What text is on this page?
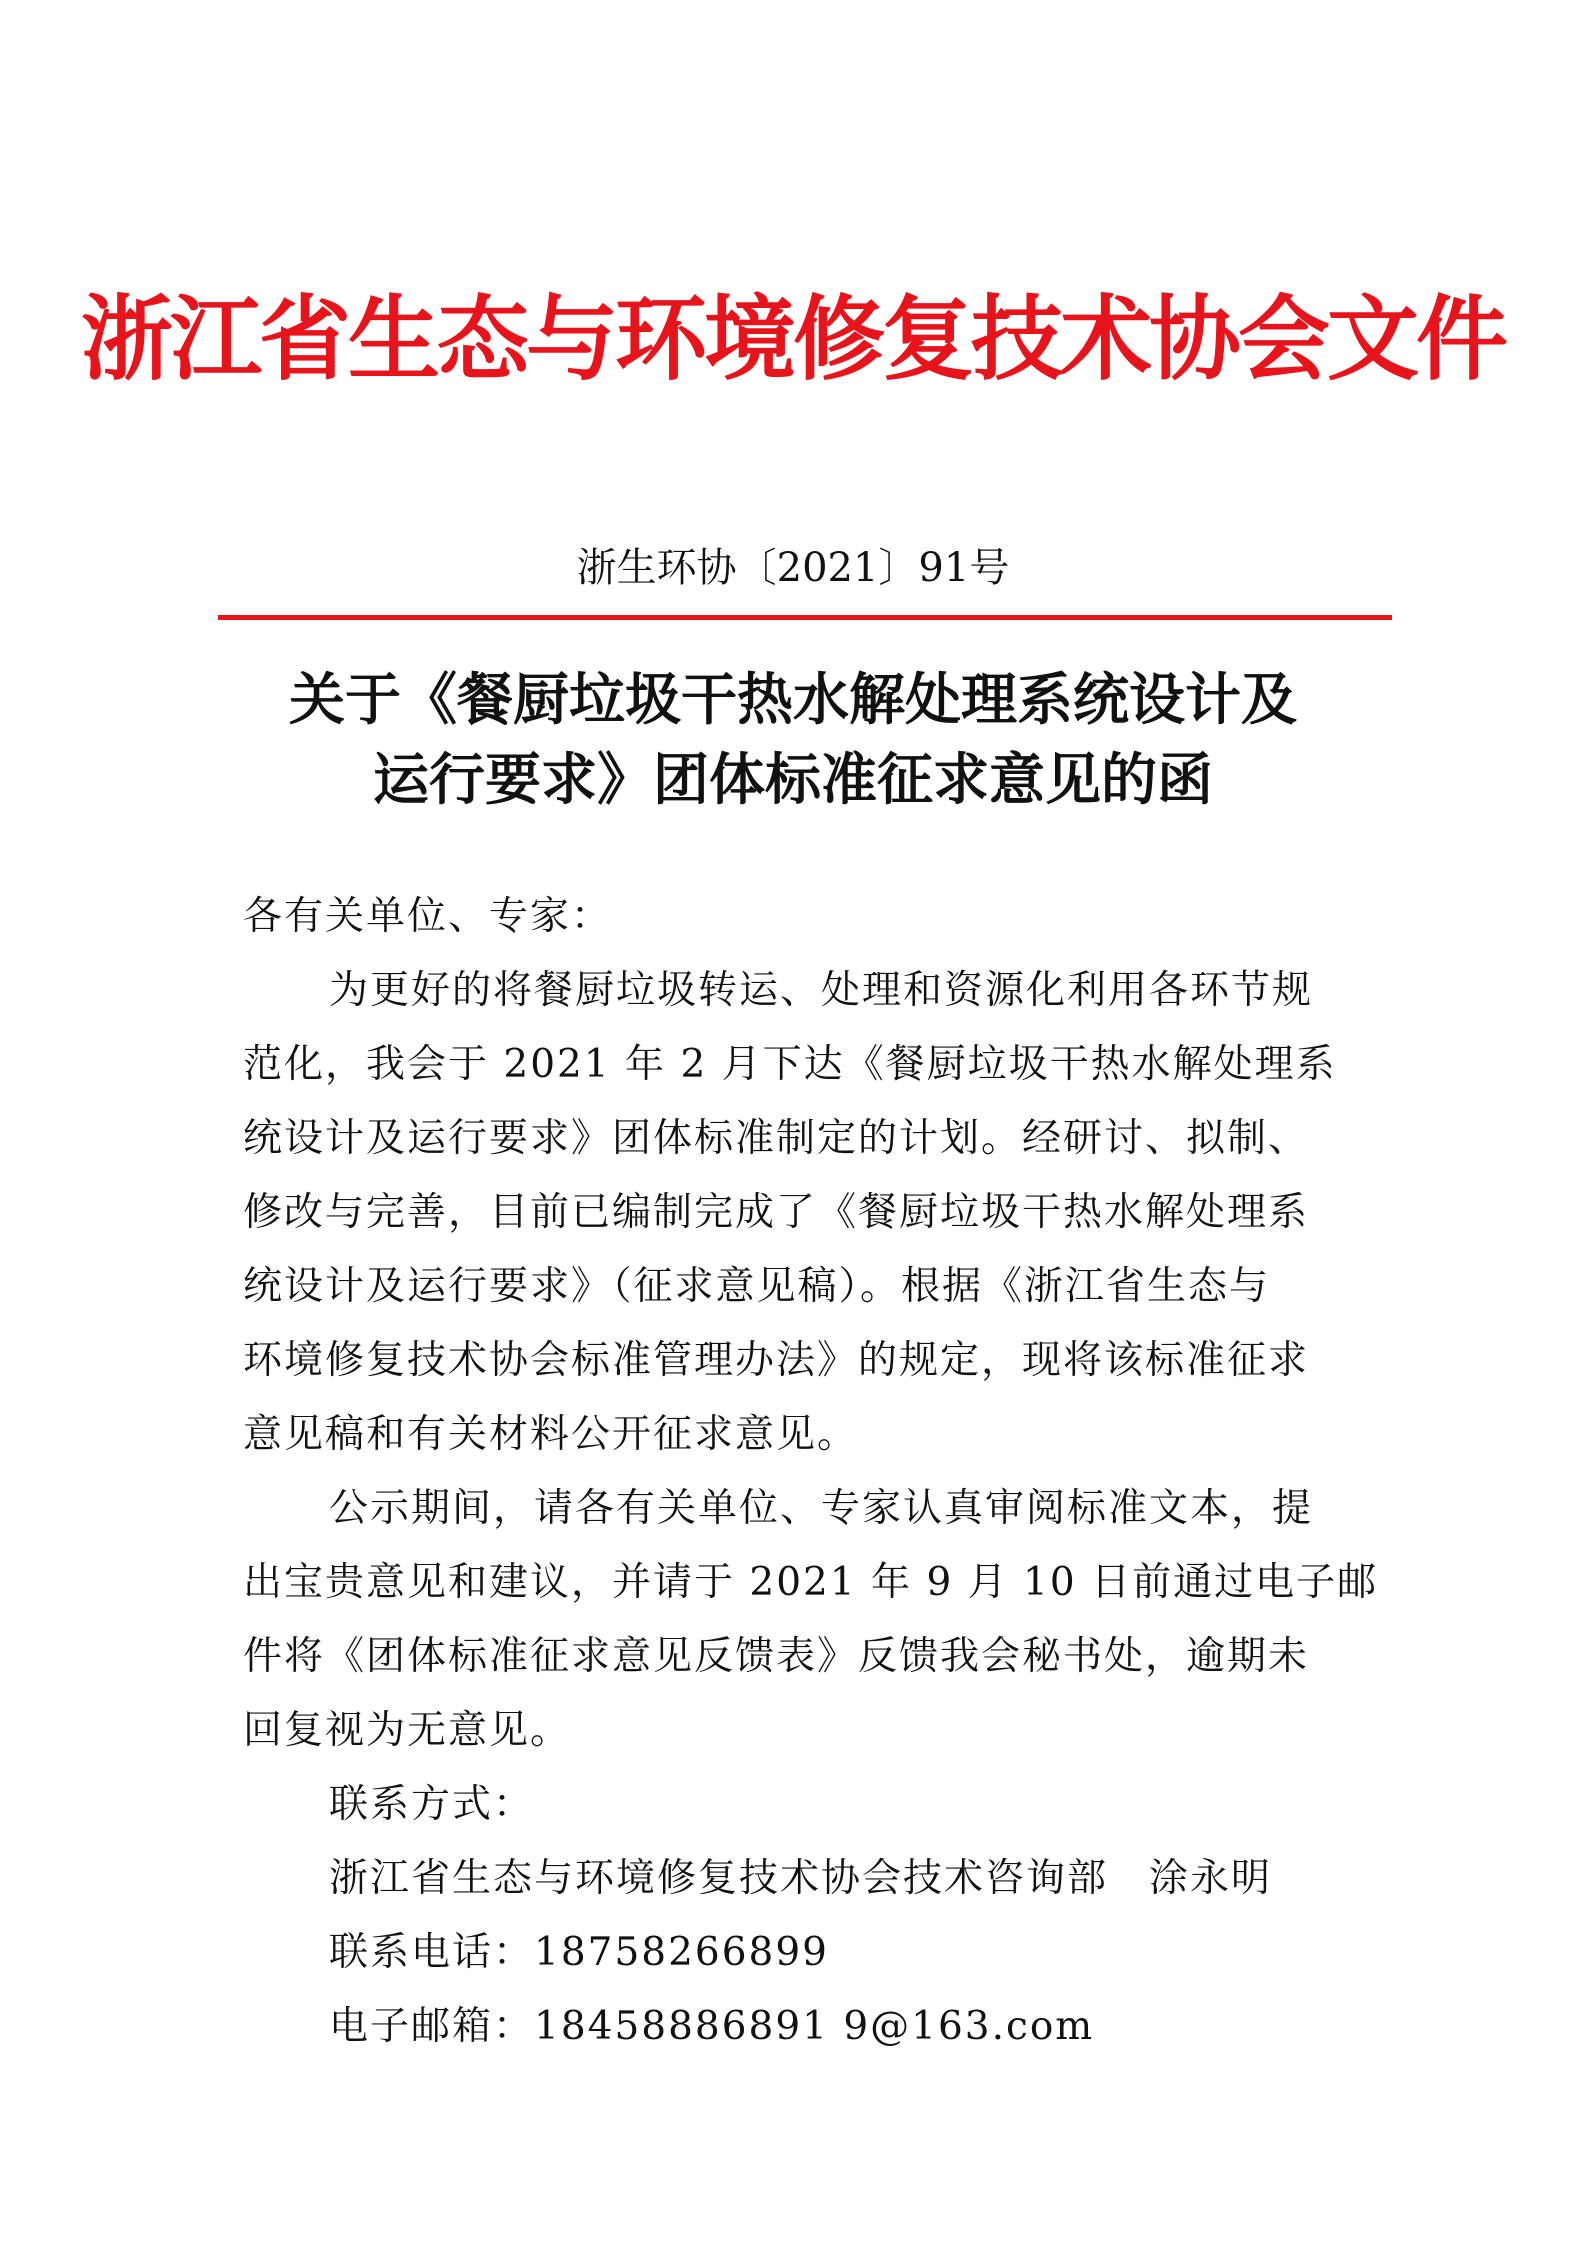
浙江省生态与环境修复技术协会文件
浙生环协〔2021〕91号
关于《餐厨垃圾干热水解处理系统设计及
运行要求》团体标准征求意见的函
各有关单位、专家：
为更好的将餐厨垃圾转运、处理和资源化利用各环节规
范化，我会于 2021 年 2 月下达《餐厨垃圾干热水解处理系
统设计及运行要求》团体标准制定的计划。经研讨、拟制、
修改与完善，目前已编制完成了《餐厨垃圾干热水解处理系
统设计及运行要求》（征求意见稿）。根据《浙江省生态与
环境修复技术协会标准管理办法》的规定，现将该标准征求
意见稿和有关材料公开征求意见。
公示期间，请各有关单位、专家认真审阅标准文本，提
出宝贵意见和建议，并请于 2021 年 9 月 10 日前通过电子邮
件将《团体标准征求意见反馈表》反馈我会秘书处，逾期未
回复视为无意见。
联系方式：
浙江省生态与环境修复技术协会技术咨询部　涂永明
联系电话：18758266899
电子邮箱：18458886891 9@163.com
